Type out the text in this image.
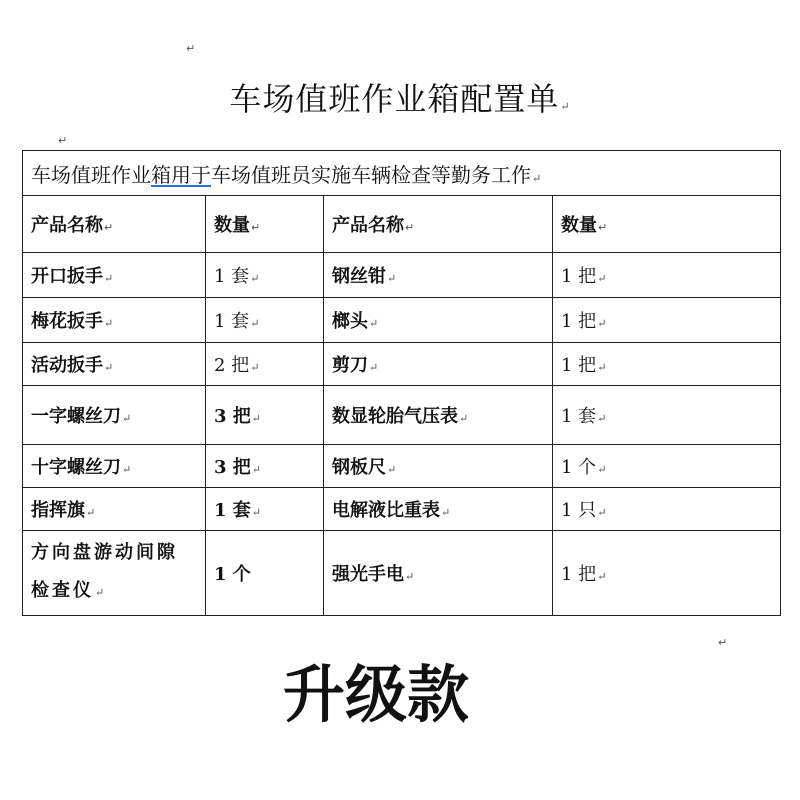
↵
↵
↵
车场值班作业箱配置单↵
车场值班作业箱用于车场值班员实施车辆检查等勤务工作↵			
产品名称↵	数量↵	产品名称↵	数量↵
开口扳手↵	1 套↵	钢丝钳↵	1 把↵
梅花扳手↵	1 套↵	榔头↵	1 把↵
活动扳手↵	2 把↵	剪刀↵	1 把↵
一字螺丝刀↵	3 把↵	数显轮胎气压表↵	1 套↵
十字螺丝刀↵	3 把↵	钢板尺↵	1 个↵
指挥旗↵	1 套↵	电解液比重表↵	1 只↵

方向盘游动间隙
检查仪↵	1 个	强光手电↵	1 把↵
升级款
